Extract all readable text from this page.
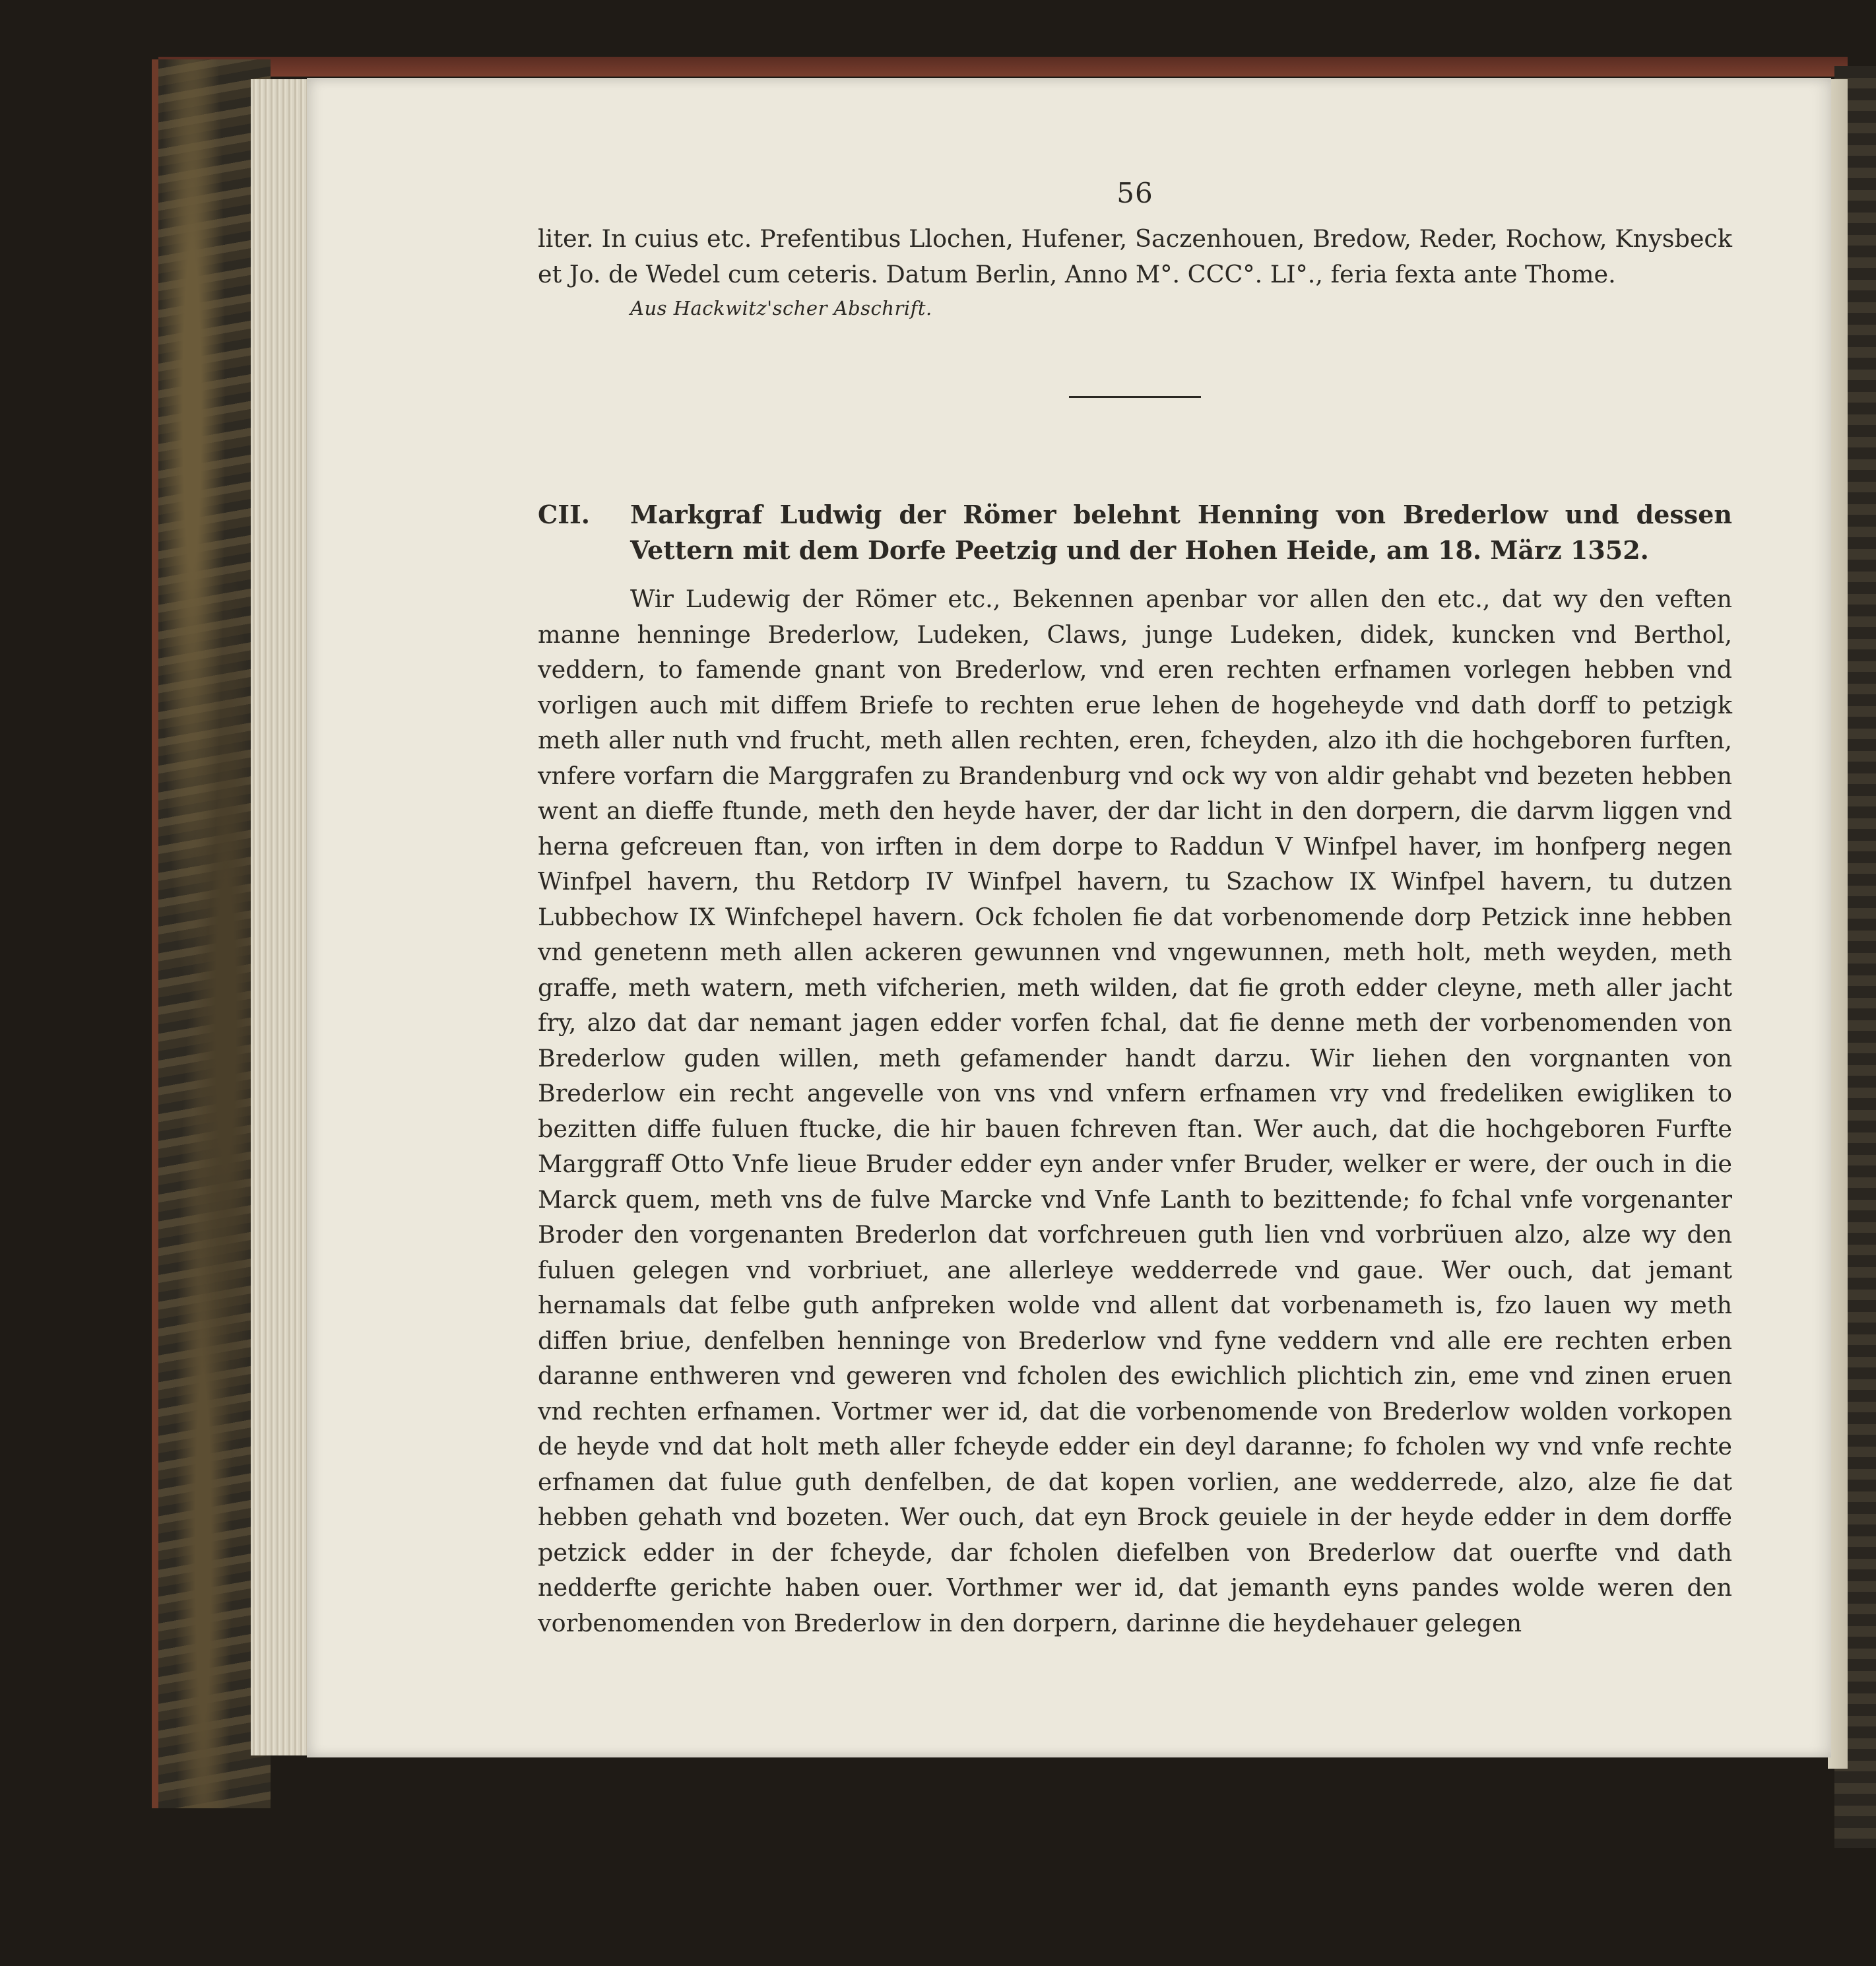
56

liter. In cuius etc. Prefentibus Llochen, Hufener, Saczenhouen, Bredow, Reder, Rochow, Knysbeck et Jo. de Wedel cum ceteris. Datum Berlin, Anno M°. CCC°. LI°., feria fexta ante Thome.

Aus Hackwitz'scher Abschrift.
CII. Markgraf Ludwig der Römer belehnt Henning von Brederlow und dessen Vettern mit dem Dorfe Peetzig und der Hohen Heide, am 18. März 1352.

Wir Ludewig der Römer etc., Bekennen apenbar vor allen den etc., dat wy den veften manne henninge Brederlow, Ludeken, Claws, junge Ludeken, didek, kuncken vnd Berthol, veddern, to famende gnant von Brederlow, vnd eren rechten erfnamen vorlegen hebben vnd vorligen auch mit diffem Briefe to rechten erue lehen de hogeheyde vnd dath dorff to petzigk meth aller nuth vnd frucht, meth allen rechten, eren, fcheyden, alzo ith die hochgeboren furften, vnfere vorfarn die Marggrafen zu Brandenburg vnd ock wy von aldir gehabt vnd bezeten hebben went an dieffe ftunde, meth den heyde haver, der dar licht in den dorpern, die darvm liggen vnd herna gefcreuen ftan, von irften in dem dorpe to Raddun V Winfpel haver, im honfperg negen Winfpel havern, thu Retdorp IV Winfpel havern, tu Szachow IX Winfpel havern, tu dutzen Lubbechow IX Winfchepel havern. Ock fcholen fie dat vorbenomende dorp Petzick inne hebben vnd genetenn meth allen ackeren gewunnen vnd vngewunnen, meth holt, meth weyden, meth graffe, meth watern, meth vifcherien, meth wilden, dat fie groth edder cleyne, meth aller jacht fry, alzo dat dar nemant jagen edder vorfen fchal, dat fie denne meth der vorbenomenden von Brederlow guden willen, meth gefamender handt darzu. Wir liehen den vorgnanten von Brederlow ein recht angevelle von vns vnd vnfern erfnamen vry vnd fredeliken ewigliken to bezitten diffe fuluen ftucke, die hir bauen fchreven ftan. Wer auch, dat die hochgeboren Furfte Marggraff Otto Vnfe lieue Bruder edder eyn ander vnfer Bruder, welker er were, der ouch in die Marck quem, meth vns de fulve Marcke vnd Vnfe Lanth to bezittende; fo fchal vnfe vorgenanter Broder den vorgenanten Brederlon dat vorfchreuen guth lien vnd vorbrüuen alzo, alze wy den fuluen gelegen vnd vorbriuet, ane allerleye wedderrede vnd gaue. Wer ouch, dat jemant hernamals dat felbe guth anfpreken wolde vnd allent dat vorbenameth is, fzo lauen wy meth diffen briue, denfelben henninge von Brederlow vnd fyne veddern vnd alle ere rechten erben daranne enthweren vnd geweren vnd fcholen des ewichlich plichtich zin, eme vnd zinen eruen vnd rechten erfnamen. Vortmer wer id, dat die vorbenomende von Brederlow wolden vorkopen de heyde vnd dat holt meth aller fcheyde edder ein deyl daranne; fo fcholen wy vnd vnfe rechte erfnamen dat fulue guth denfelben, de dat kopen vorlien, ane wedderrede, alzo, alze fie dat hebben gehath vnd bozeten. Wer ouch, dat eyn Brock geuiele in der heyde edder in dem dorffe petzick edder in der fcheyde, dar fcholen diefelben von Brederlow dat ouerfte vnd dath nedderfte gerichte haben ouer. Vorthmer wer id, dat jemanth eyns pandes wolde weren den vorbenomenden von Brederlow in den dorpern, darinne die heydehauer gelegen
